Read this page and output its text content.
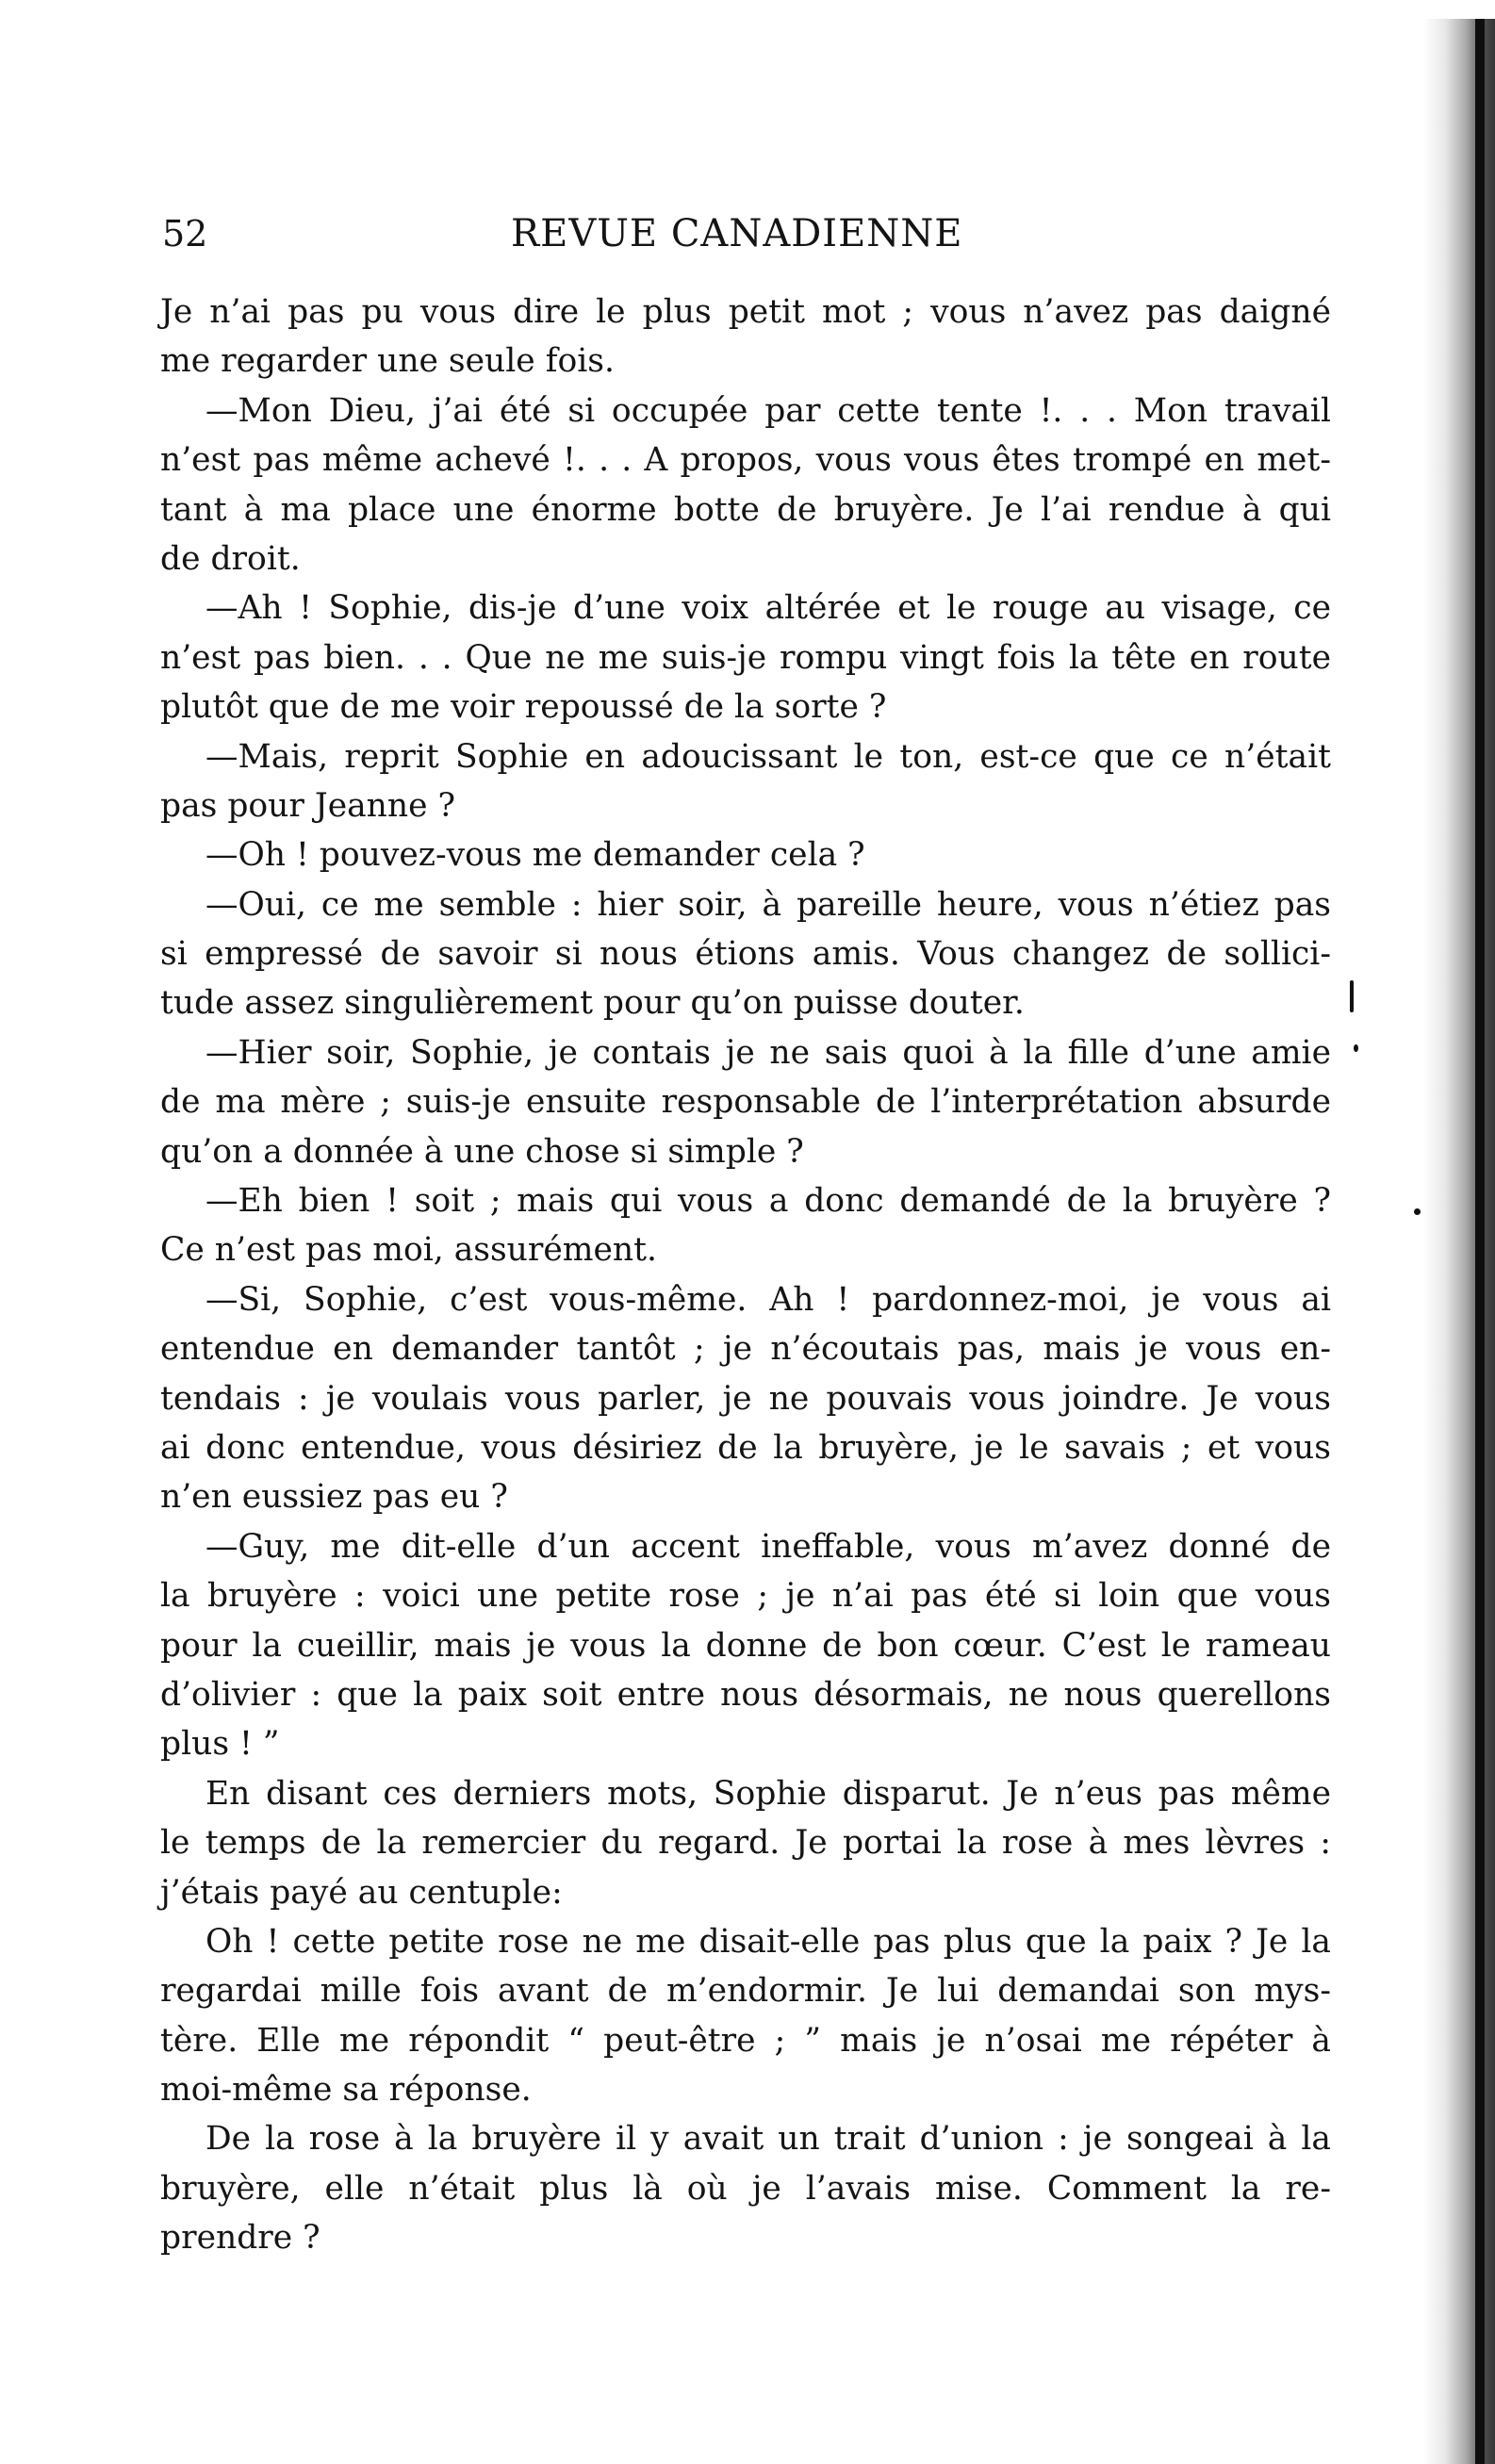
52	REVUE CANADIENNE
Je n’ai pas pu vous dire le plus petit mot ; vous n’avez pas daigné
me regarder une seule fois.
—Mon Dieu, j’ai été si occupée par cette tente !. . . Mon travail
n’est pas même achevé !. . . A propos, vous vous êtes trompé en met-
tant à ma place une énorme botte de bruyère. Je l’ai rendue à qui
de droit.
—Ah ! Sophie, dis-je d’une voix altérée et le rouge au visage, ce
n’est pas bien. . . Que ne me suis-je rompu vingt fois la tête en route
plutôt que de me voir repoussé de la sorte ?
—Mais, reprit Sophie en adoucissant le ton, est-ce que ce n’était
pas pour Jeanne ?
—Oh ! pouvez-vous me demander cela ?
—Oui, ce me semble : hier soir, à pareille heure, vous n’étiez pas
si empressé de savoir si nous étions amis. Vous changez de sollici-
tude assez singulièrement pour qu’on puisse douter.
—Hier soir, Sophie, je contais je ne sais quoi à la fille d’une amie
de ma mère ; suis-je ensuite responsable de l’interprétation absurde
qu’on a donnée à une chose si simple ?
—Eh bien ! soit ; mais qui vous a donc demandé de la bruyère ?
Ce n’est pas moi, assurément.
—Si, Sophie, c’est vous-même. Ah ! pardonnez-moi, je vous ai
entendue en demander tantôt ; je n’écoutais pas, mais je vous en-
tendais : je voulais vous parler, je ne pouvais vous joindre. Je vous
ai donc entendue, vous désiriez de la bruyère, je le savais ; et vous
n’en eussiez pas eu ?
—Guy, me dit-elle d’un accent ineffable, vous m’avez donné de
la bruyère : voici une petite rose ; je n’ai pas été si loin que vous
pour la cueillir, mais je vous la donne de bon cœur. C’est le rameau
d’olivier : que la paix soit entre nous désormais, ne nous querellons
plus ! ”
En disant ces derniers mots, Sophie disparut. Je n’eus pas même
le temps de la remercier du regard. Je portai la rose à mes lèvres :
j’étais payé au centuple:
Oh ! cette petite rose ne me disait-elle pas plus que la paix ? Je la
regardai mille fois avant de m’endormir. Je lui demandai son mys-
tère. Elle me répondit “ peut-être ; ” mais je n’osai me répéter à
moi-même sa réponse.
De la rose à la bruyère il y avait un trait d’union : je songeai à la
bruyère, elle n’était plus là où je l’avais mise. Comment la re-
prendre ?
